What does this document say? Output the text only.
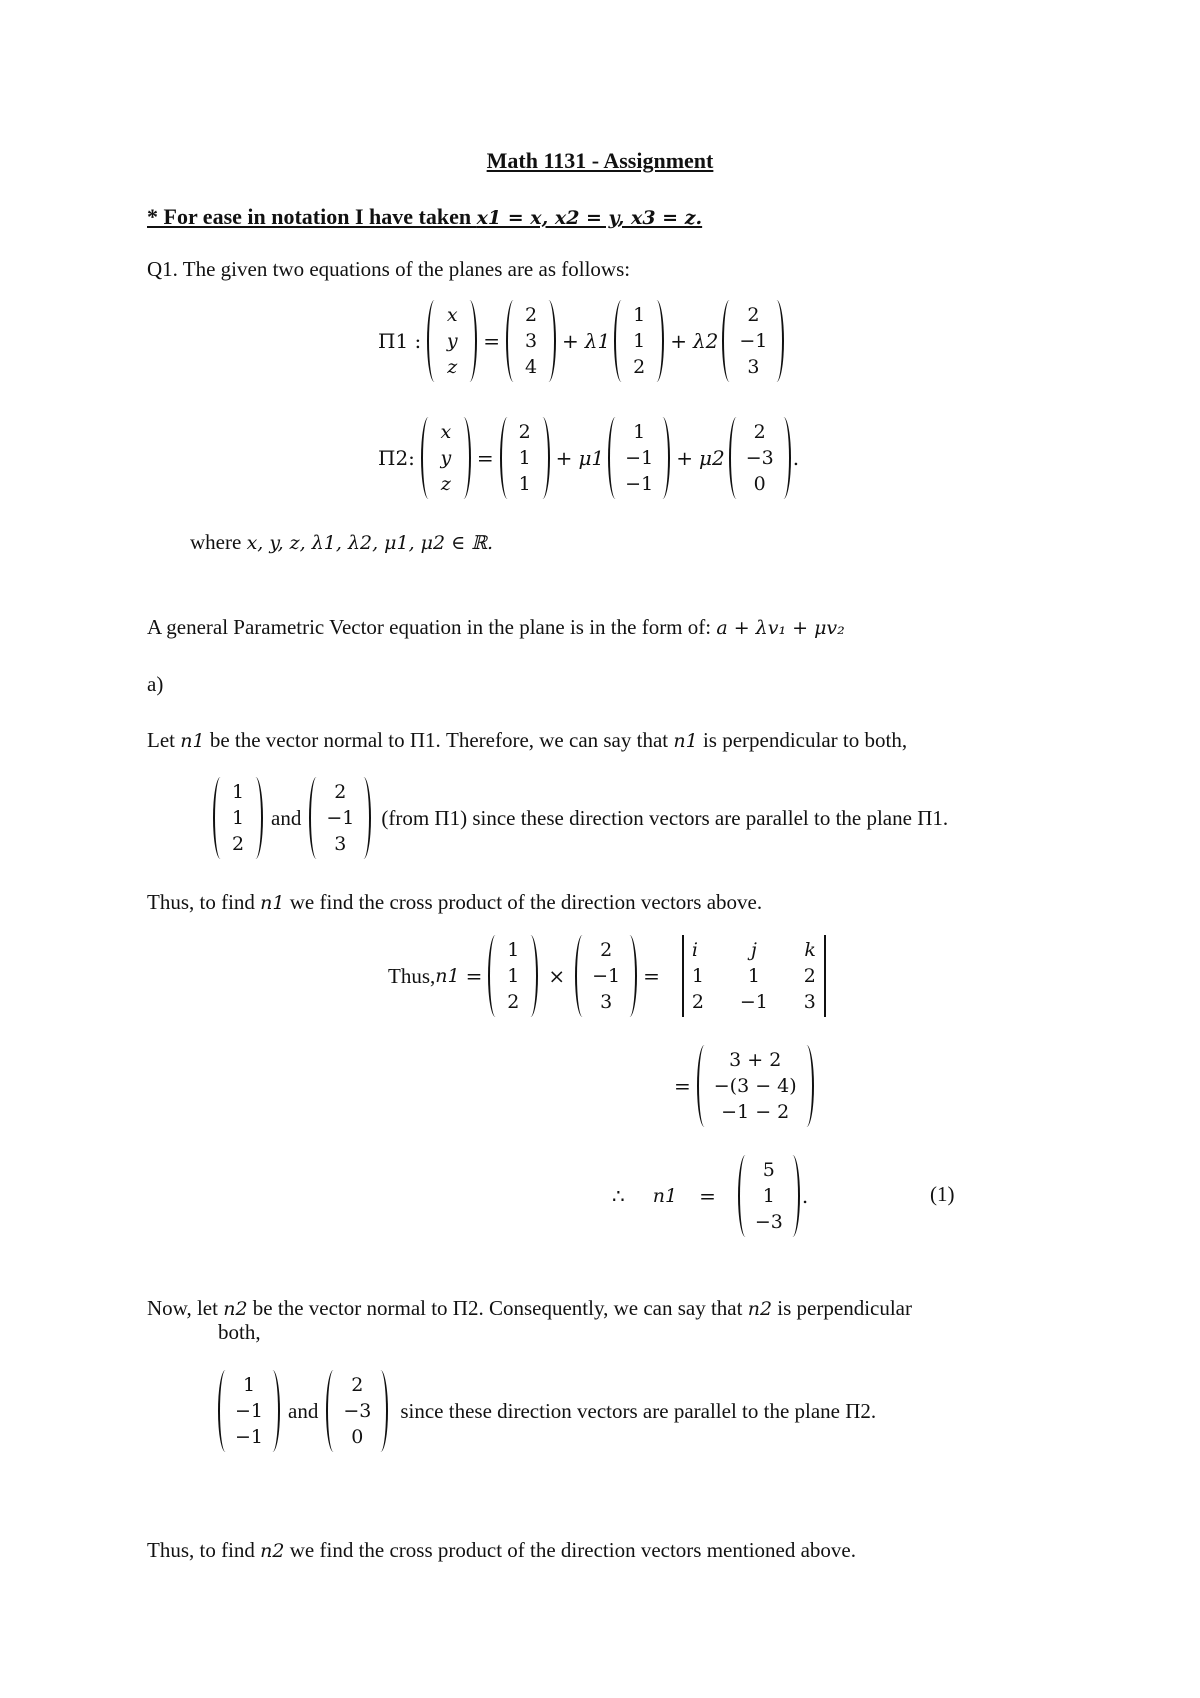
Math 1131 - Assignment
* For ease in notation I have taken x1 = x, x2 = y, x3 = z.
Q1. The given two equations of the planes are as follows:
Π1 :
x
y
z
=
2
3
4
+ λ1
1
1
2
+ λ2
2
−1
3
Π2:
x
y
z
=
2
1
1
+ μ1
1
−1
−1
+ μ2
2
−3
0
.
where x, y, z, λ1, λ2, μ1, μ2 ∈ ℝ.
A general Parametric Vector equation in the plane is in the form of: a + λv₁ + μv₂
a)
Let n1 be the vector normal to Π1. Therefore, we can say that n1 is perpendicular to both,
1
1
2
and
2
−1
3
(from Π1) since these direction vectors are parallel to the plane Π1.
Thus, to find n1 we find the cross product of the direction vectors above.
Thus, n1 =
1
1
2
×
2
−1
3
=
i	j	k
1	1	2
2	−1	3
=
3 + 2
−(3 − 4)
−1 − 2
∴	n1	=
5
1
−3
.	(1)
Now, let n2 be the vector normal to Π2. Consequently, we can say that n2 is perpendicular
both,
1
−1
−1
and
2
−3
0
since these direction vectors are parallel to the plane Π2.
Thus, to find n2 we find the cross product of the direction vectors mentioned above.
